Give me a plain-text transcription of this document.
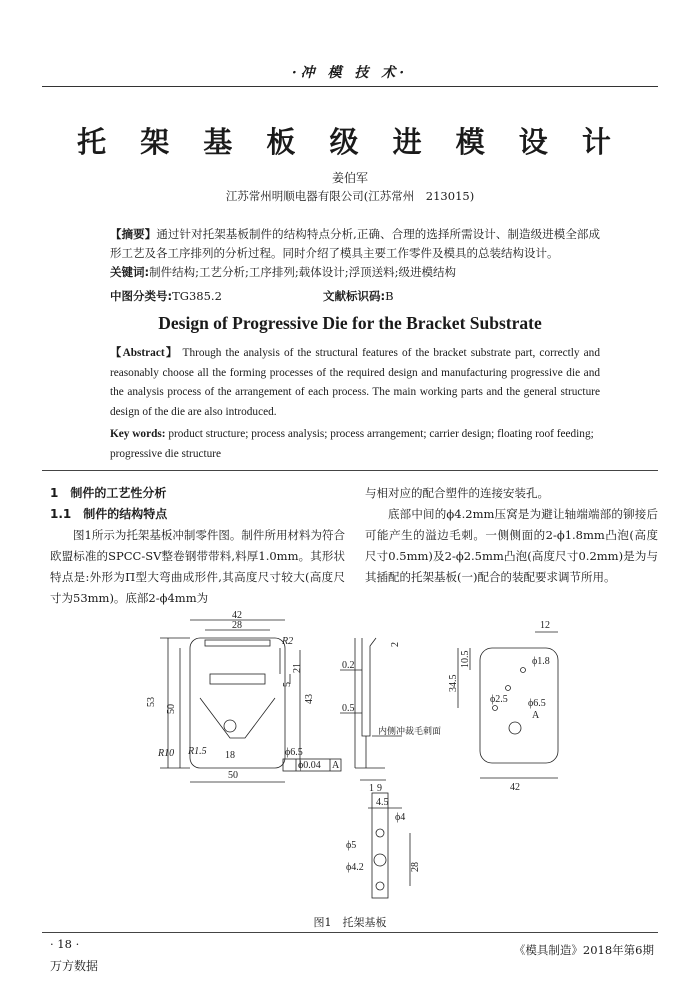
·冲 模 技 术·
托 架 基 板 级 进 模 设 计
姜伯军
江苏常州明顺电器有限公司(江苏常州　213015)
【摘要】通过针对托架基板制件的结构特点分析,正确、合理的选择所需设计、制造级进模全部成形工艺及各工序排列的分析过程。同时介绍了模具主要工作零件及模具的总装结构设计。
关键词:制件结构;工艺分析;工序排列;载体设计;浮顶送料;级进模结构
中图分类号:TG385.2	文献标识码:B
Design of Progressive Die for the Bracket Substrate
【Abstract】 Through the analysis of the structural features of the bracket substrate part, correctly and reasonably choose all the forming processes of the required design and manufacturing progressive die and the analysis process of the arrangement of each process. The main working parts and the general structure design of the die are also introduced.
Key words: product structure; process analysis; process arrangement; carrier design; floating roof feeding; progressive die structure
1　制件的工艺性分析
1.1　制件的结构特点

图1所示为托架基板冲制零件图。制件所用材料为符合欧盟标准的SPCC-SV整卷钢带带料,料厚1.0mm。其形状特点是:外形为Π型大弯曲成形件,其高度尺寸较大(高度尺寸为53mm)。底部2-ϕ4mm为

与相对应的配合塑件的连接安装孔。

底部中间的ϕ4.2mm压窝是为避让轴端端部的铆接后可能产生的溢边毛刺。一侧侧面的2-ϕ1.8mm凸泡(高度尺寸0.5mm)及2-ϕ2.5mm凸泡(高度尺寸0.2mm)是为与其插配的托架基板(一)配合的装配要求调节所用。

42
28
R2
21
5
53
50
43
R10 R1.5 18	ϕ6.5
ϕ0.04 A
50
2
0.2
0.5
内侧冲裁毛刺面
1 9
12
10.5
34.5
ϕ1.8
ϕ2.5 ϕ6.5
A
42
4.5
ϕ4
ϕ5
ϕ4.2	28
图1　托架基板
· 18 ·
万方数据
《模具制造》2018年第6期
